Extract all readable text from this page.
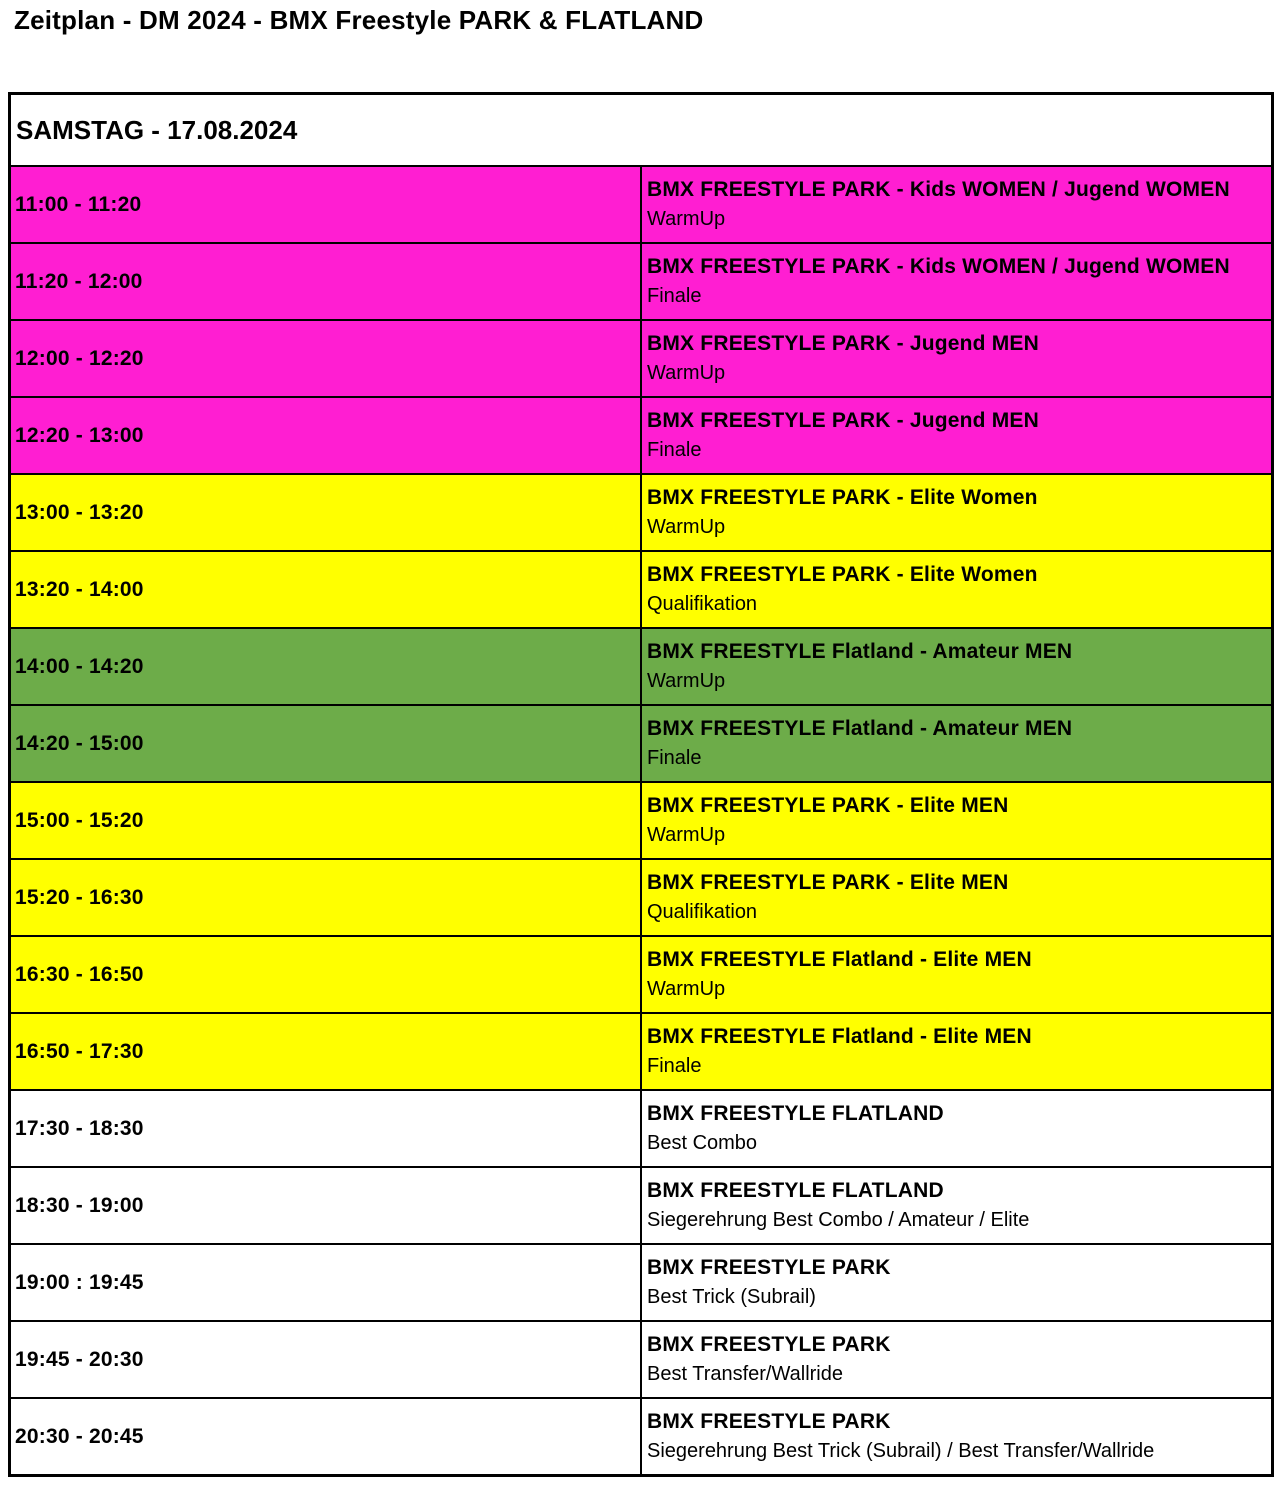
Zeitplan - DM 2024 - BMX Freestyle PARK & FLATLAND
SAMSTAG - 17.08.2024	
11:00 - 11:20	BMX FREESTYLE PARK - Kids WOMEN / Jugend WOMEN
WarmUp

11:20 - 12:00	BMX FREESTYLE PARK - Kids WOMEN / Jugend WOMEN
Finale

12:00 - 12:20	BMX FREESTYLE PARK - Jugend MEN
WarmUp

12:20 - 13:00	BMX FREESTYLE PARK - Jugend MEN
Finale

13:00 - 13:20	BMX FREESTYLE PARK - Elite Women
WarmUp

13:20 - 14:00	BMX FREESTYLE PARK - Elite Women
Qualifikation

14:00 - 14:20	BMX FREESTYLE Flatland - Amateur MEN
WarmUp

14:20 - 15:00	BMX FREESTYLE Flatland - Amateur MEN
Finale

15:00 - 15:20	BMX FREESTYLE PARK - Elite MEN
WarmUp

15:20 - 16:30	BMX FREESTYLE PARK - Elite MEN
Qualifikation

16:30 - 16:50	BMX FREESTYLE Flatland - Elite MEN
WarmUp

16:50 - 17:30	BMX FREESTYLE Flatland - Elite MEN
Finale

17:30 - 18:30	BMX FREESTYLE FLATLAND
Best Combo

18:30 - 19:00	BMX FREESTYLE FLATLAND
Siegerehrung Best Combo / Amateur / Elite

19:00 : 19:45	BMX FREESTYLE PARK
Best Trick (Subrail)

19:45 - 20:30	BMX FREESTYLE PARK
Best Transfer/Wallride

20:30 - 20:45	BMX FREESTYLE PARK
Siegerehrung Best Trick (Subrail) / Best Transfer/Wallride
